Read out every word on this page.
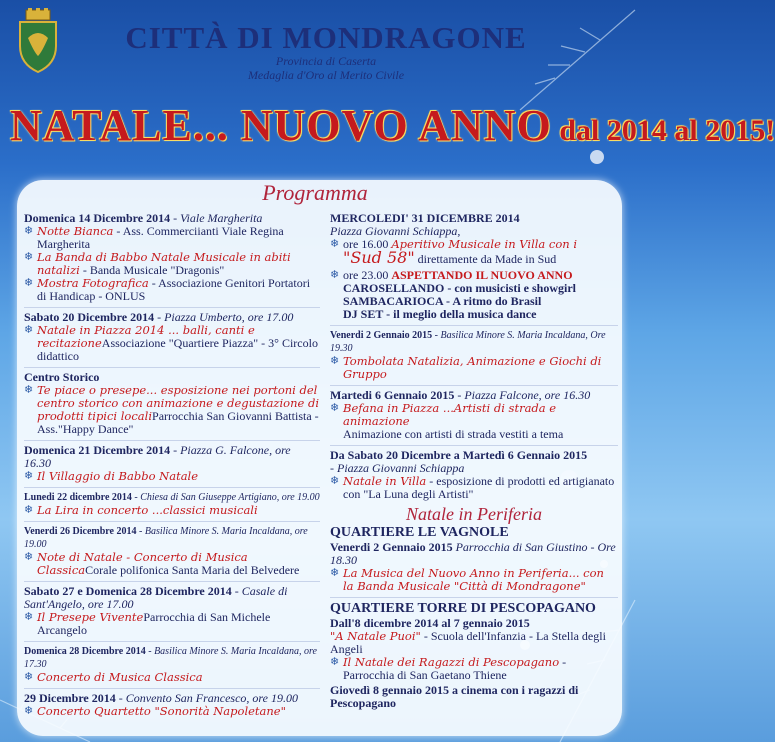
CITTÀ DI MONDRAGONE
Provincia di Caserta
Medaglia d'Oro al Merito Civile
NATALE... NUOVO ANNO dal 2014 al 2015!
Programma
Domenica 14 Dicembre 2014 - Viale Margherita
❄ Notte Bianca - Ass. Commerciianti Viale Regina Margherita
❄ La Banda di Babbo Natale Musicale in abiti natalizi - Banda Musicale "Dragonis"
❄ Mostra Fotografica - Associazione Genitori Portatori di Handicap - ONLUS
Sabato 20 Dicembre 2014 - Piazza Umberto, ore 17.00
❄ Natale in Piazza 2014 ... balli, canti e recitazioneAssociazione "Quartiere Piazza" - 3° Circolo didattico
Centro Storico
❄ Te piace o presepe... esposizione nei portoni del centro storico con animazione e degustazione di prodotti tipici localiParrocchia San Giovanni Battista - Ass."Happy Dance"
Domenica 21 Dicembre 2014 - Piazza G. Falcone, ore 16.30
❄ Il Villaggio di Babbo Natale
Lunedi 22 dicembre 2014 - Chiesa di San Giuseppe Artigiano, ore 19.00
❄ La Lira in concerto ...classici musicali
Venerdi 26 Dicembre 2014 - Basilica Minore S. Maria Incaldana, ore 19.00
❄ Note di Natale - Concerto di Musica ClassicaCorale polifonica Santa Maria del Belvedere
Sabato 27 e Domenica 28 Dicembre 2014 - Casale di Sant'Angelo, ore 17.00
❄ Il Presepe ViventeParrocchia di San Michele Arcangelo
Domenica 28 Dicembre 2014 - Basilica Minore S. Maria Incaldana, ore 17.30
❄ Concerto di Musica Classica
29 Dicembre 2014 - Convento San Francesco, ore 19.00
❄ Concerto Quartetto "Sonorità Napoletane"
MERCOLEDI' 31 DICEMBRE 2014
Piazza Giovanni Schiappa,
❄ ore 16.00 Aperitivo Musicale in Villa con i
"Sud 58" direttamente da Made in Sud
❄ ore 23.00 ASPETTANDO IL NUOVO ANNO
CAROSELLANDO - con musicisti e showgirl
SAMBACARIOCA - A ritmo do Brasil
DJ SET - il meglio della musica dance
Venerdi 2 Gennaio 2015 - Basilica Minore S. Maria Incaldana, Ore 19.30
❄ Tombolata Natalizia, Animazione e Giochi di Gruppo
Martedi 6 Gennaio 2015 - Piazza Falcone, ore 16.30
❄ Befana in Piazza ...Artisti di strada e animazione
Animazione con artisti di strada vestiti a tema
Da Sabato 20 Dicembre a Martedì 6 Gennaio 2015
- Piazza Giovanni Schiappa
❄ Natale in Villa - esposizione di prodotti ed artigianato con "La Luna degli Artisti"
Natale in Periferia
QUARTIERE LE VAGNOLE
Venerdi 2 Gennaio 2015 Parrocchia di San Giustino - Ore 18.30
❄ La Musica del Nuovo Anno in Periferia... con la Banda Musicale "Città di Mondragone"
QUARTIERE TORRE DI PESCOPAGANO
Dall'8 dicembre 2014 al 7 gennaio 2015
"A Natale Puoi" - Scuola dell'Infanzia - La Stella degli Angeli
❄ Il Natale dei Ragazzi di Pescopagano - Parrocchia di San Gaetano Thiene
Giovedì 8 gennaio 2015 a cinema con i ragazzi di Pescopagano
